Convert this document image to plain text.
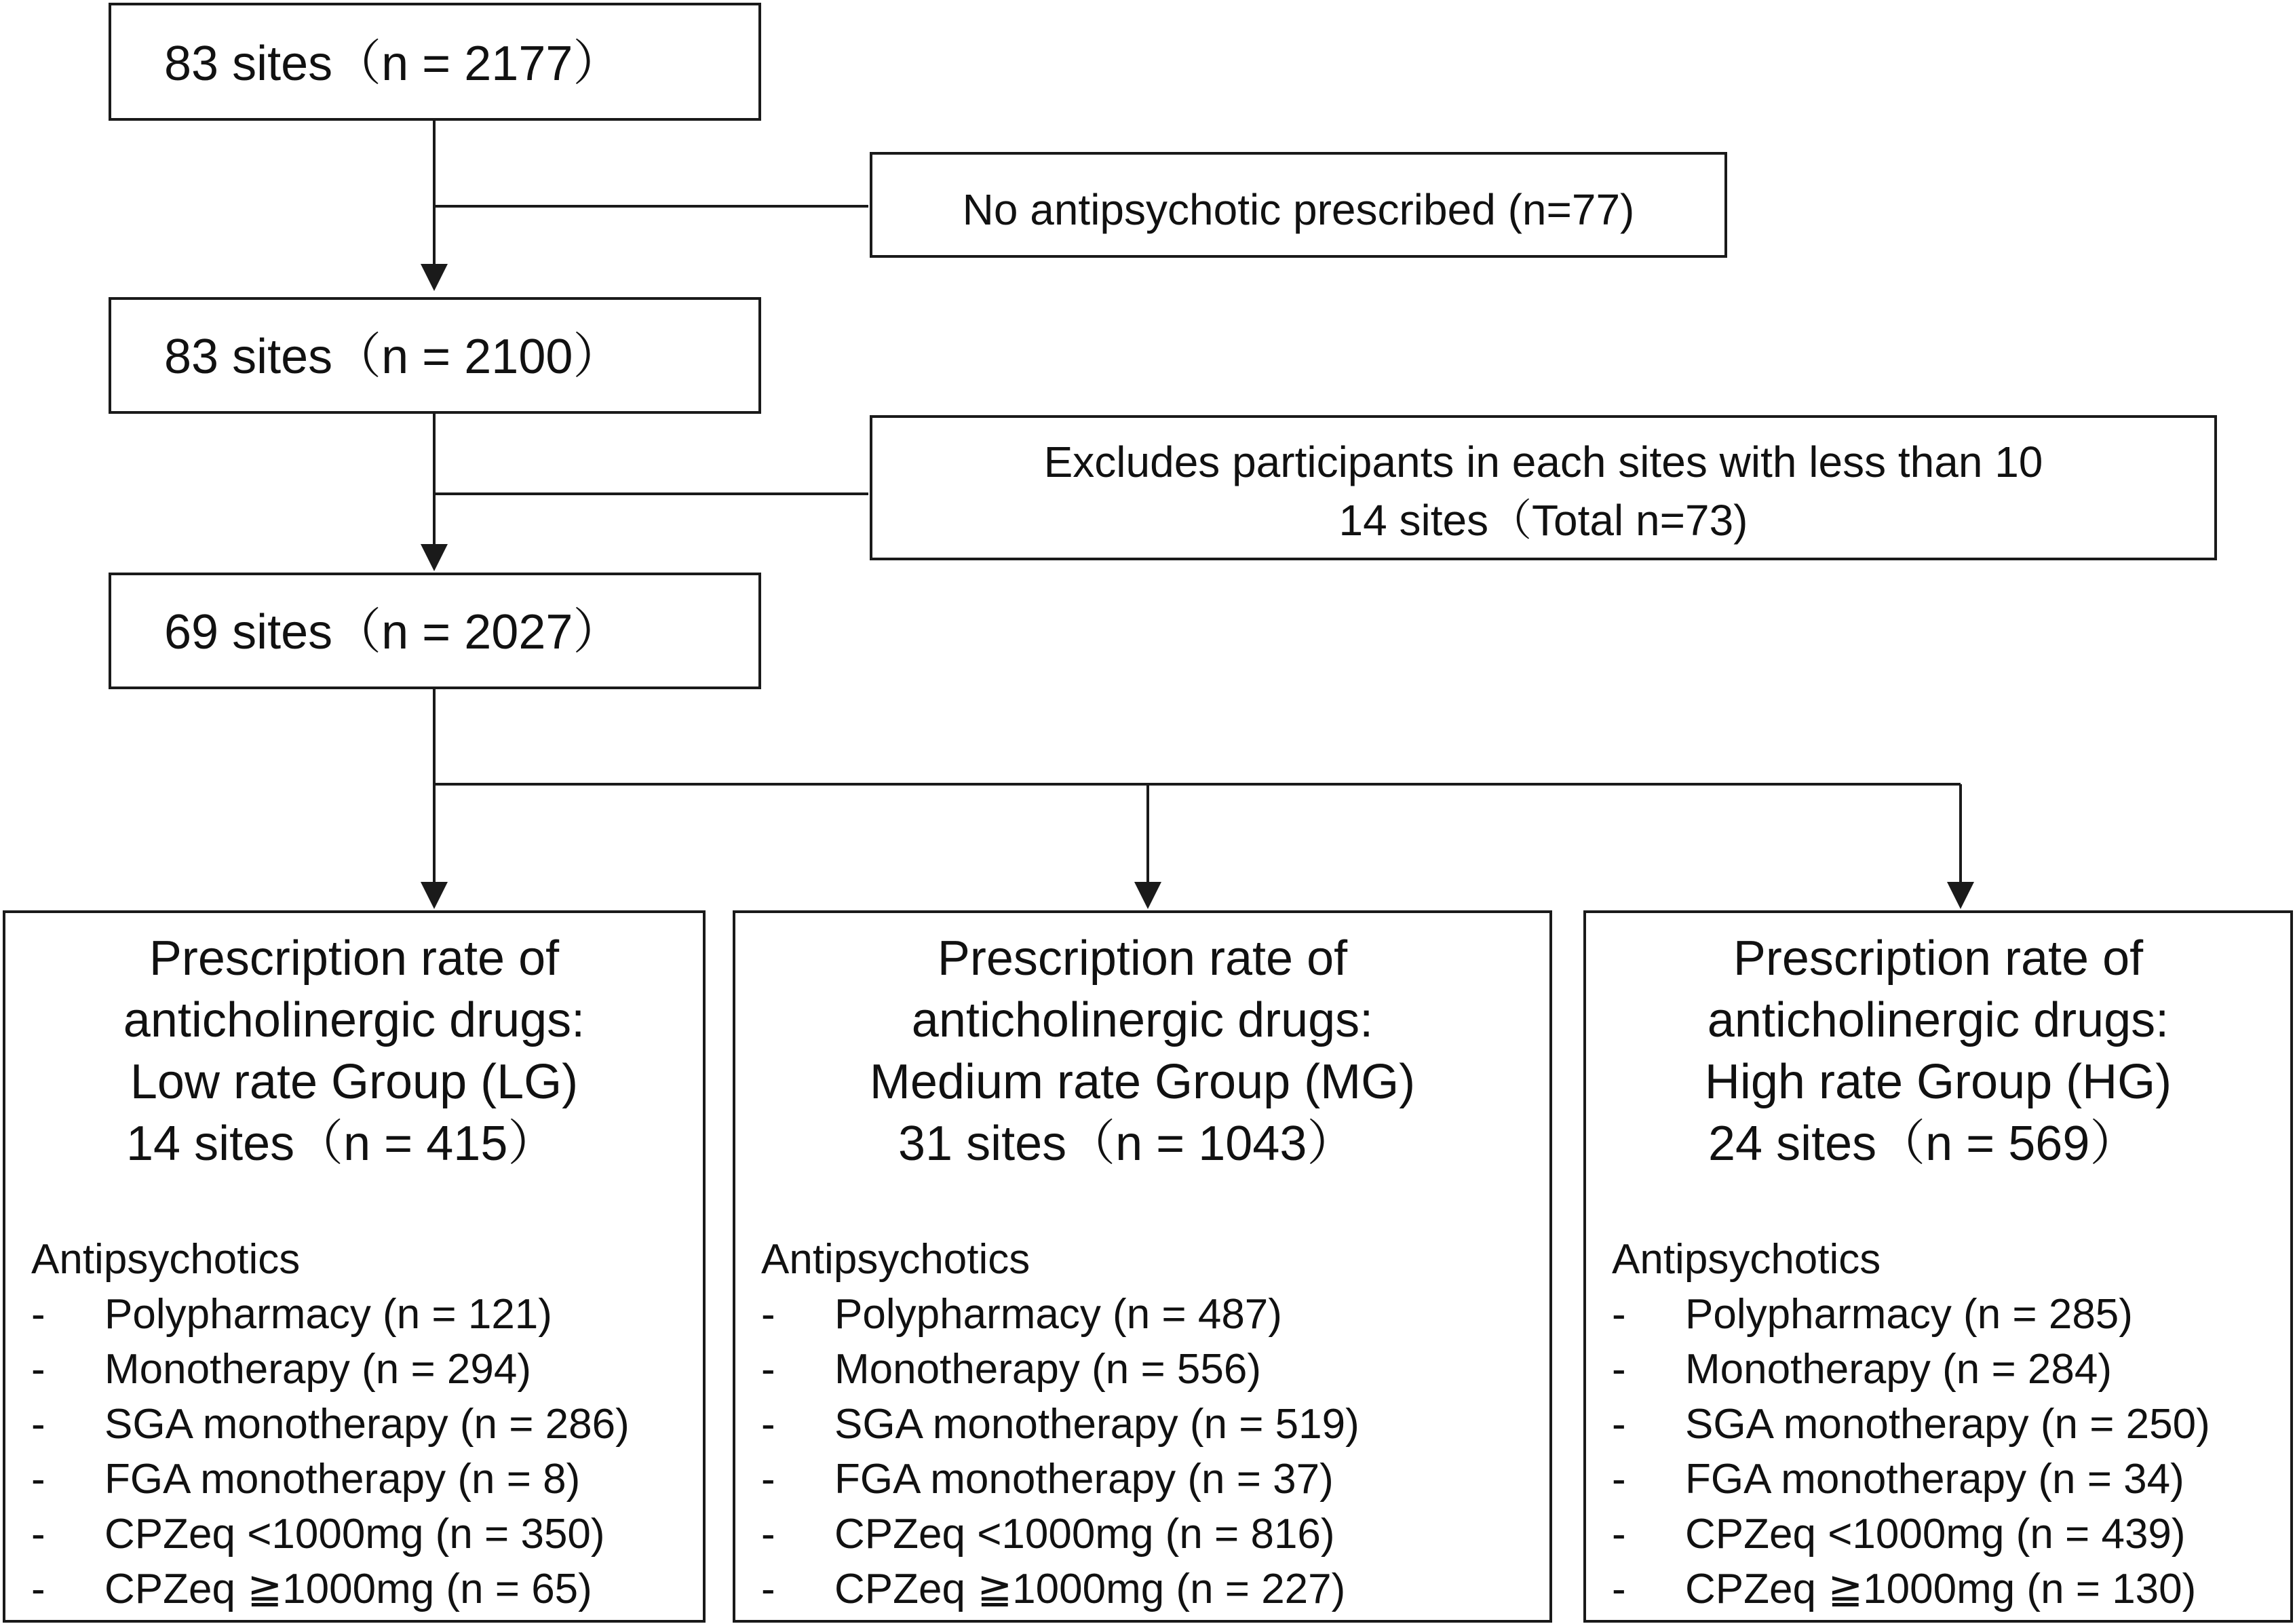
83 sites（n = 2177）
83 sites（n = 2100）
69 sites（n = 2027）
No antipsychotic prescribed (n=77)
Excludes participants in each sites with less than 10
14 sites（Total n=73)
Prescription rate of
anticholinergic drugs:
Low rate Group (LG)
14 sites（n = 415）
Antipsychotics
- Polypharmacy (n = 121)
- Monotherapy (n = 294)
- SGA monotherapy (n = 286)
- FGA monotherapy (n = 8)
- CPZeq <1000mg (n = 350)
- CPZeq ≧1000mg (n = 65)
Prescription rate of
anticholinergic drugs:
Medium rate Group (MG)
31 sites（n = 1043）
Antipsychotics
- Polypharmacy (n = 487)
- Monotherapy (n = 556)
- SGA monotherapy (n = 519)
- FGA monotherapy (n = 37)
- CPZeq <1000mg (n = 816)
- CPZeq ≧1000mg (n = 227)
Prescription rate of
anticholinergic drugs:
High rate Group (HG)
24 sites（n = 569）
Antipsychotics
- Polypharmacy (n = 285)
- Monotherapy (n = 284)
- SGA monotherapy (n = 250)
- FGA monotherapy (n = 34)
- CPZeq <1000mg (n = 439)
- CPZeq ≧1000mg (n = 130)
